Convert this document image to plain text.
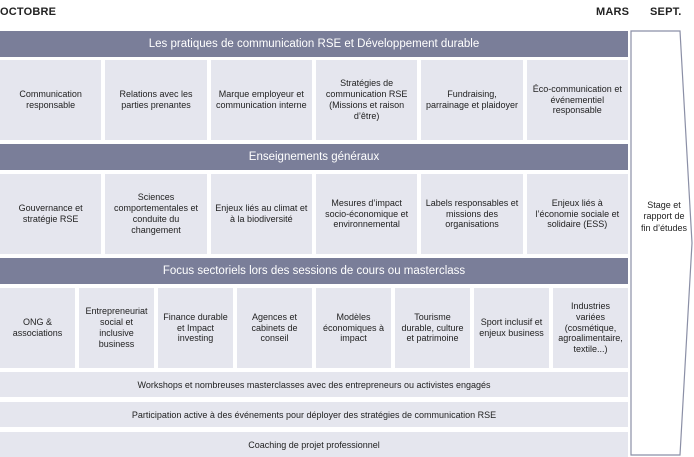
OCTOBRE	MARS SEPT.
Les pratiques de communication RSE et Développement durable
Communication responsable
Relations avec les parties prenantes
Marque employeur et communication interne
Stratégies de communication RSE (Missions et raison d’être)
Fundraising, parrainage et plaidoyer
Éco-communication et événementiel responsable
Enseignements généraux
Gouvernance et stratégie RSE
Sciences comportementales et conduite du changement
Enjeux liés au climat et à la biodiversité
Mesures d’impact socio-économique et environnemental
Labels responsables et missions des organisations
Enjeux liés à l’économie sociale et solidaire (ESS)
Focus sectoriels lors des sessions de cours ou masterclass
ONG & associations
Entrepreneuriat social et inclusive business
Finance durable et Impact investing
Agences et cabinets de conseil
Modèles économiques à impact
Tourisme durable, culture et patrimoine
Sport inclusif et enjeux business
Industries variées (cosmétique, agroalimentaire, textile...)
Workshops et nombreuses masterclasses avec des entrepreneurs ou activistes engagés
Participation active à des événements pour déployer des stratégies de communication RSE
Coaching de projet professionnel
Stage et rapport de fin d’études
